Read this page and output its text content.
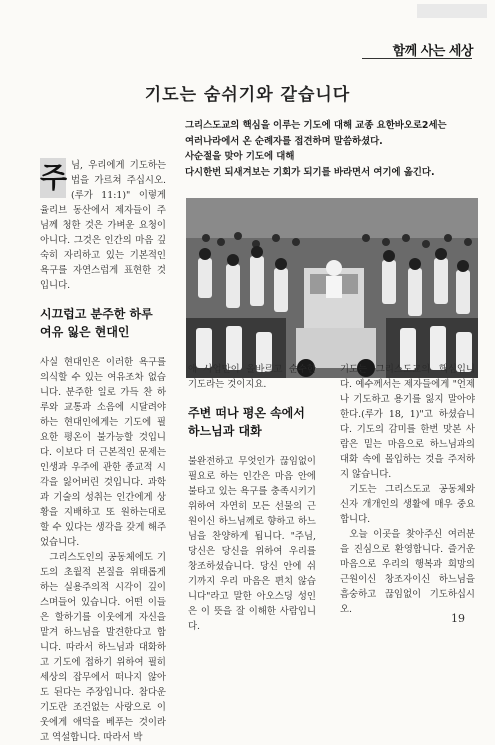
함께 사는 세상
기도는 숨쉬기와 같습니다

그리스도교의 핵심을 이루는 기도에 대해 교종 요한바오로2세는

여러나라에서 온 순례자를 접견하며 말씀하셨다.

사순절을 맞아 기도에 대해

다시한번 되새겨보는 기회가 되기를 바라면서 여기에 옮긴다.

주 님, 우리에게 기도하는 법을 가르쳐 주십시오.(루가 11:1)" 이렇게 율리브 동산에서 제자들이 주님께 청한 것은 가벼운 요청이 아니다. 그것은 인간의 마음 깊숙히 자리하고 있는 기본적인 욕구를 자연스럽게 표현한 것입니다.

시끄럽고 분주한 하루 여유 잃은 현대인

사실 현대인은 이러한 욕구를 의식할 수 있는 여유조차 없습니다. 분주한 일로 가득 찬 하루와 교통과 소음에 시달려야 하는 현대인에게는 기도에 필요한 평온이 불가능할 것입니다. 이보다 더 근본적인 문제는 인생과 우주에 관한 종교적 시각을 잃어버린 것입니다. 과학과 기술의 성취는 인간에게 상황을 지배하고 또 원하는대로 할 수 있다는 생각을 갖게 해주었습니다.

그리스도인의 공동체에도 기도의 초월적 본질을 위태롭게 하는 실용주의적 시각이 깊이 스며들어 있습니다. 어떤 이들은 할하기를 이웃에게 자신을 맡겨 하느님을 발견한다고 합니다. 따라서 하느님과 대화하고 기도에 접하기 위하여 필히 세상의 잡무에서 떠나지 않아도 된다는 주장입니다. 참다운 기도란 조건없는 사랑으로 이웃에게 애덕을 베푸는 것이라고 역설합니다. 따라서 박

애 사업만이 올바르고 순수한 기도라는 것이지요.

주변 떠나 평온 속에서 하느님과 대화

불완전하고 무엇인가 끊임없이 필요로 하는 인간은 마음 안에 불타고 있는 욕구를 충족시키기 위하여 자연히 모든 선물의 근원이신 하느님께로 향하고 하느님을 찬양하게 됩니다. "주님, 당신은 당신을 위하여 우리를 창조하셨습니다. 당신 안에 쉬기까지 우리 마음은 편치 않습니다"라고 말한 아오스딩 성인은 이 뜻을 잘 이해한 사람입니다.

기도는 그리스도교의 핵심입니다. 예수께서는 제자들에게 "언제나 기도하고 용기를 잃지 말아야 한다.(루가 18, 1)"고 하셨습니다. 기도의 감미를 한번 맛본 사람은 밑는 마음으로 하느님과의 대화 속에 몰입하는 것을 주저하지 않습니다.

기도는 그리스도교 공동체와 신자 개개인의 생활에 매우 중요합니다.

오늘 이곳을 찾아주신 여러분을 진심으로 환영합니다. 즐거운 마음으로 우리의 행복과 희망의 근원이신 창조자이신 하느님을 흠숭하고 끊임없이 기도하십시오.

19
